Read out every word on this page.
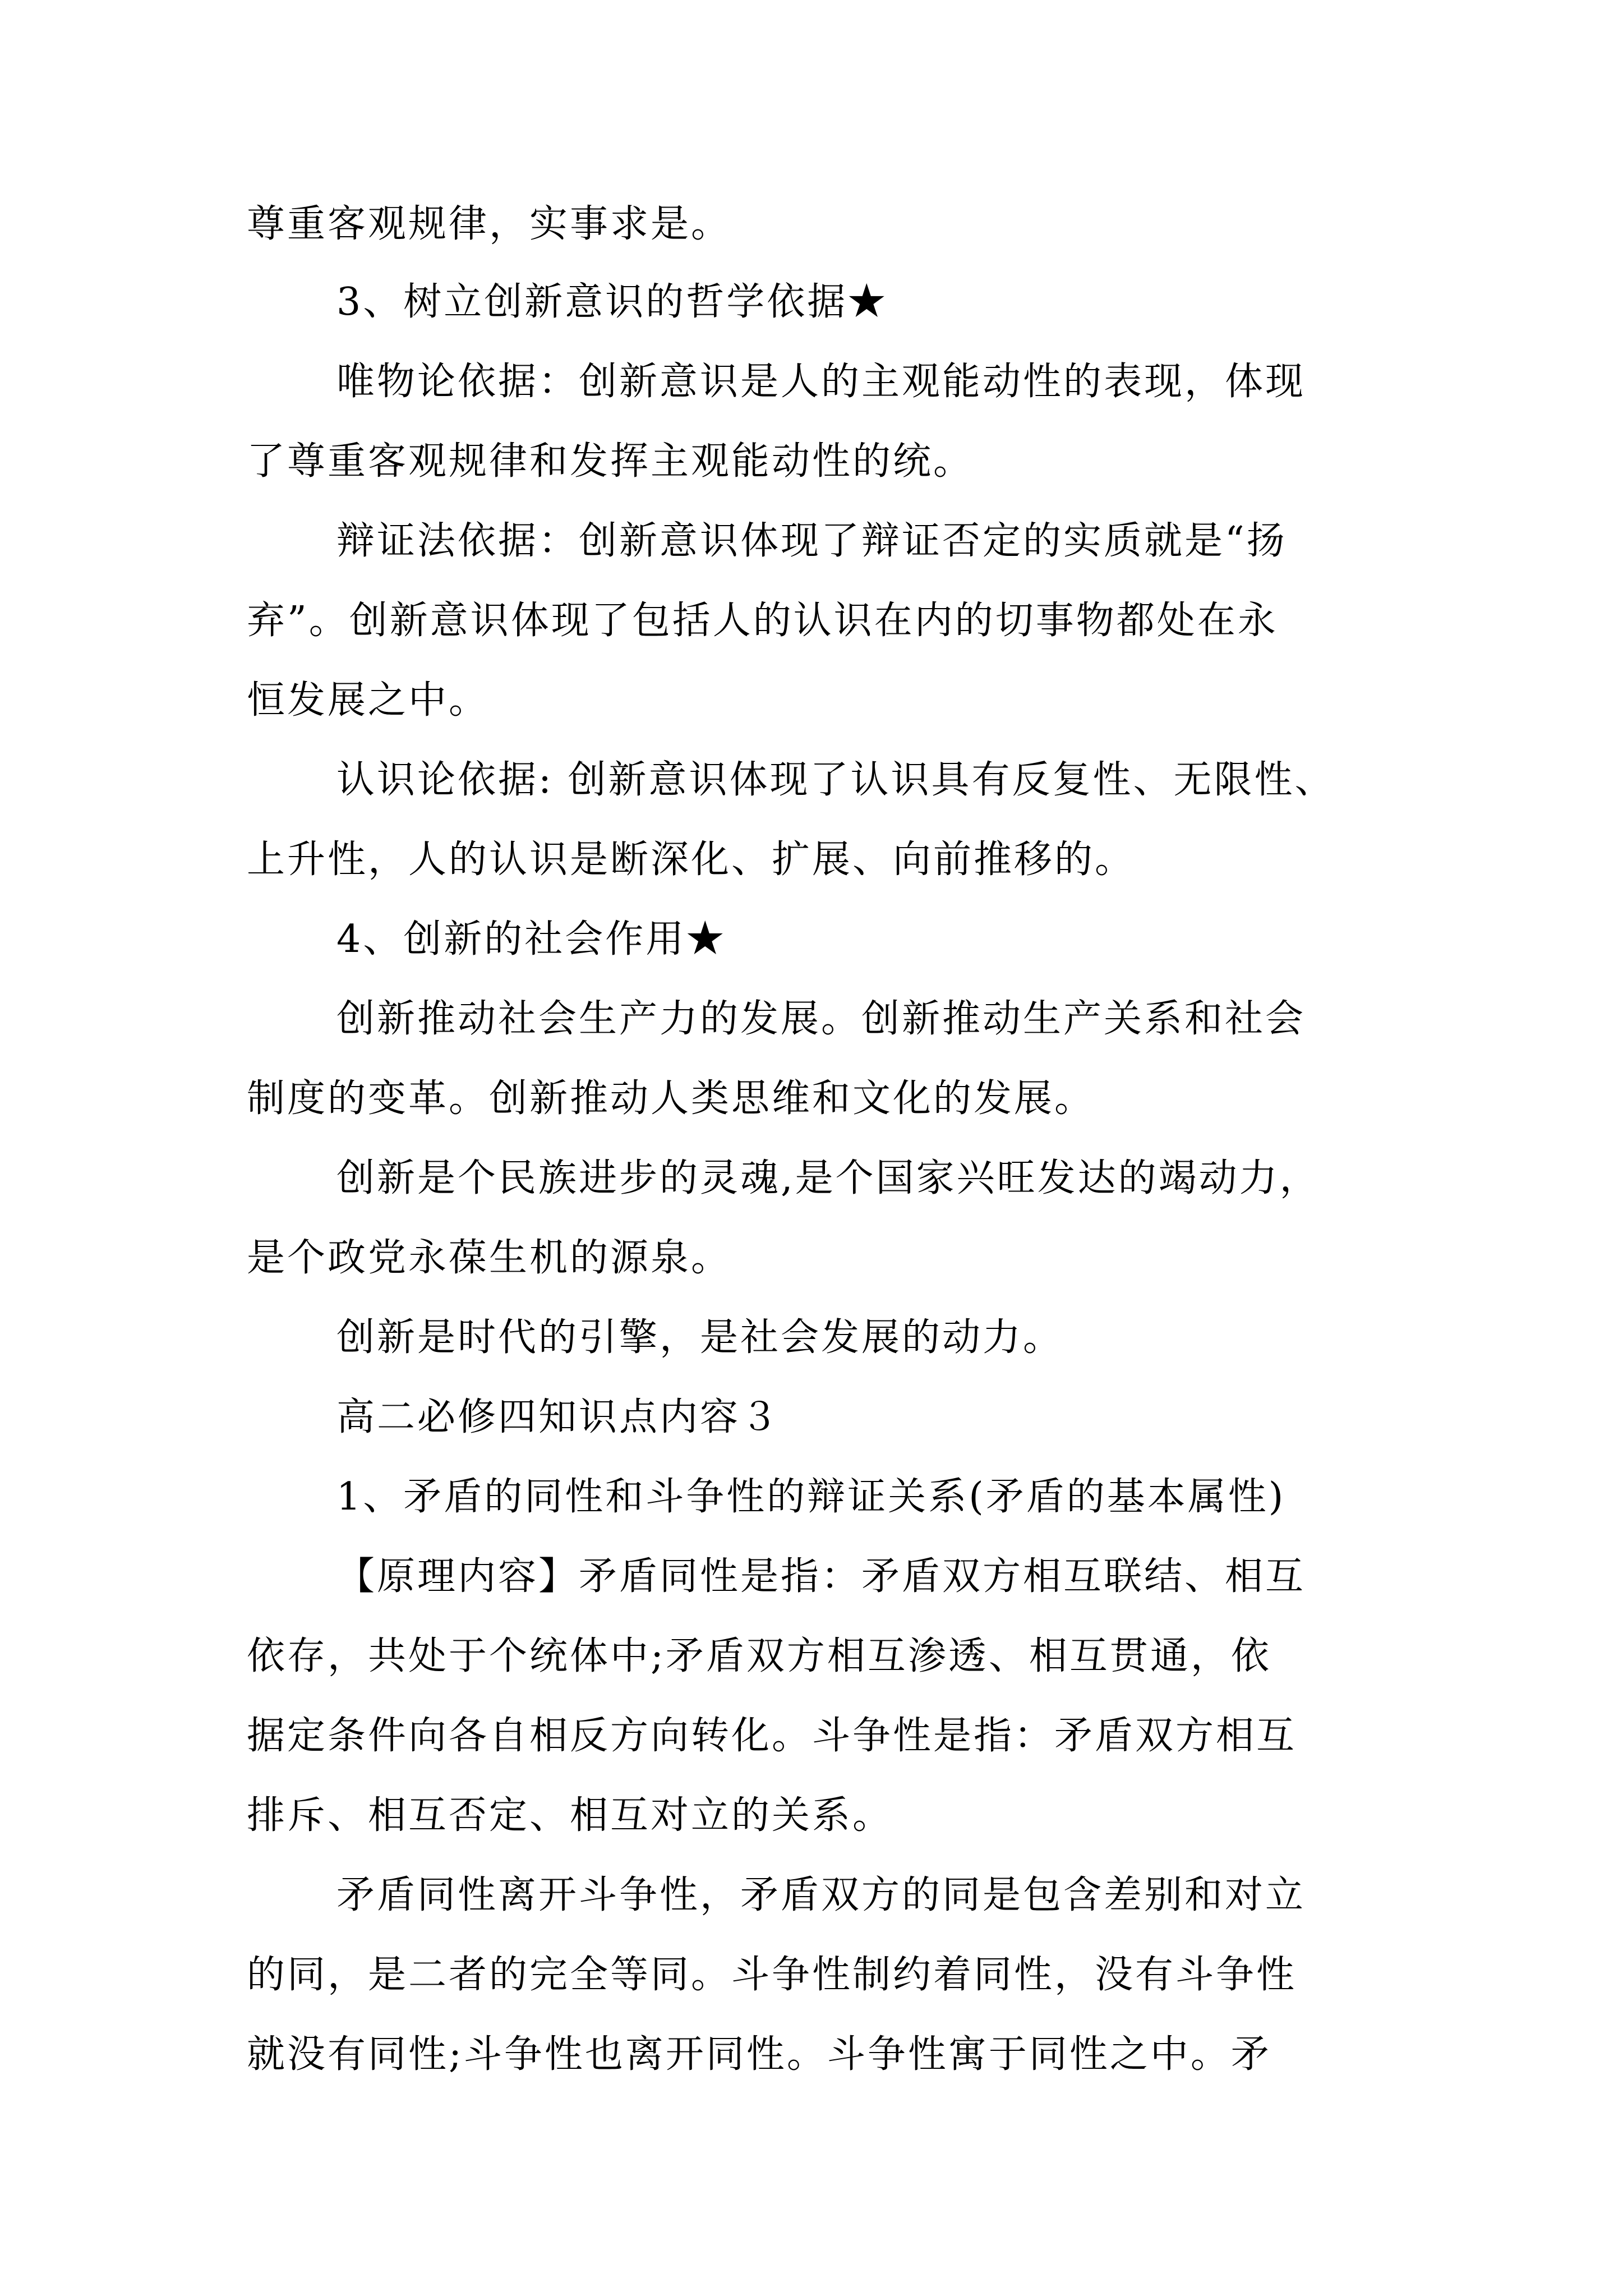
尊重客观规律，实事求是。
3、树立创新意识的哲学依据★
唯物论依据：创新意识是人的主观能动性的表现，体现
了尊重客观规律和发挥主观能动性的统。
辩证法依据：创新意识体现了辩证否定的实质就是“扬
弃”。创新意识体现了包括人的认识在内的切事物都处在永
恒发展之中。
认识论依据: 创新意识体现了认识具有反复性、无限性、
上升性，人的认识是断深化、扩展、向前推移的。
4、创新的社会作用★
创新推动社会生产力的发展。创新推动生产关系和社会
制度的变革。创新推动人类思维和文化的发展。
创新是个民族进步的灵魂,是个国家兴旺发达的竭动力，
是个政党永葆生机的源泉。
创新是时代的引擎，是社会发展的动力。
高二必修四知识点内容３
1、矛盾的同性和斗争性的辩证关系(矛盾的基本属性)
【原理内容】矛盾同性是指：矛盾双方相互联结、相互
依存，共处于个统体中;矛盾双方相互渗透、相互贯通，依
据定条件向各自相反方向转化。斗争性是指：矛盾双方相互
排斥、相互否定、相互对立的关系。
矛盾同性离开斗争性，矛盾双方的同是包含差别和对立
的同，是二者的完全等同。斗争性制约着同性，没有斗争性
就没有同性;斗争性也离开同性。斗争性寓于同性之中。矛
